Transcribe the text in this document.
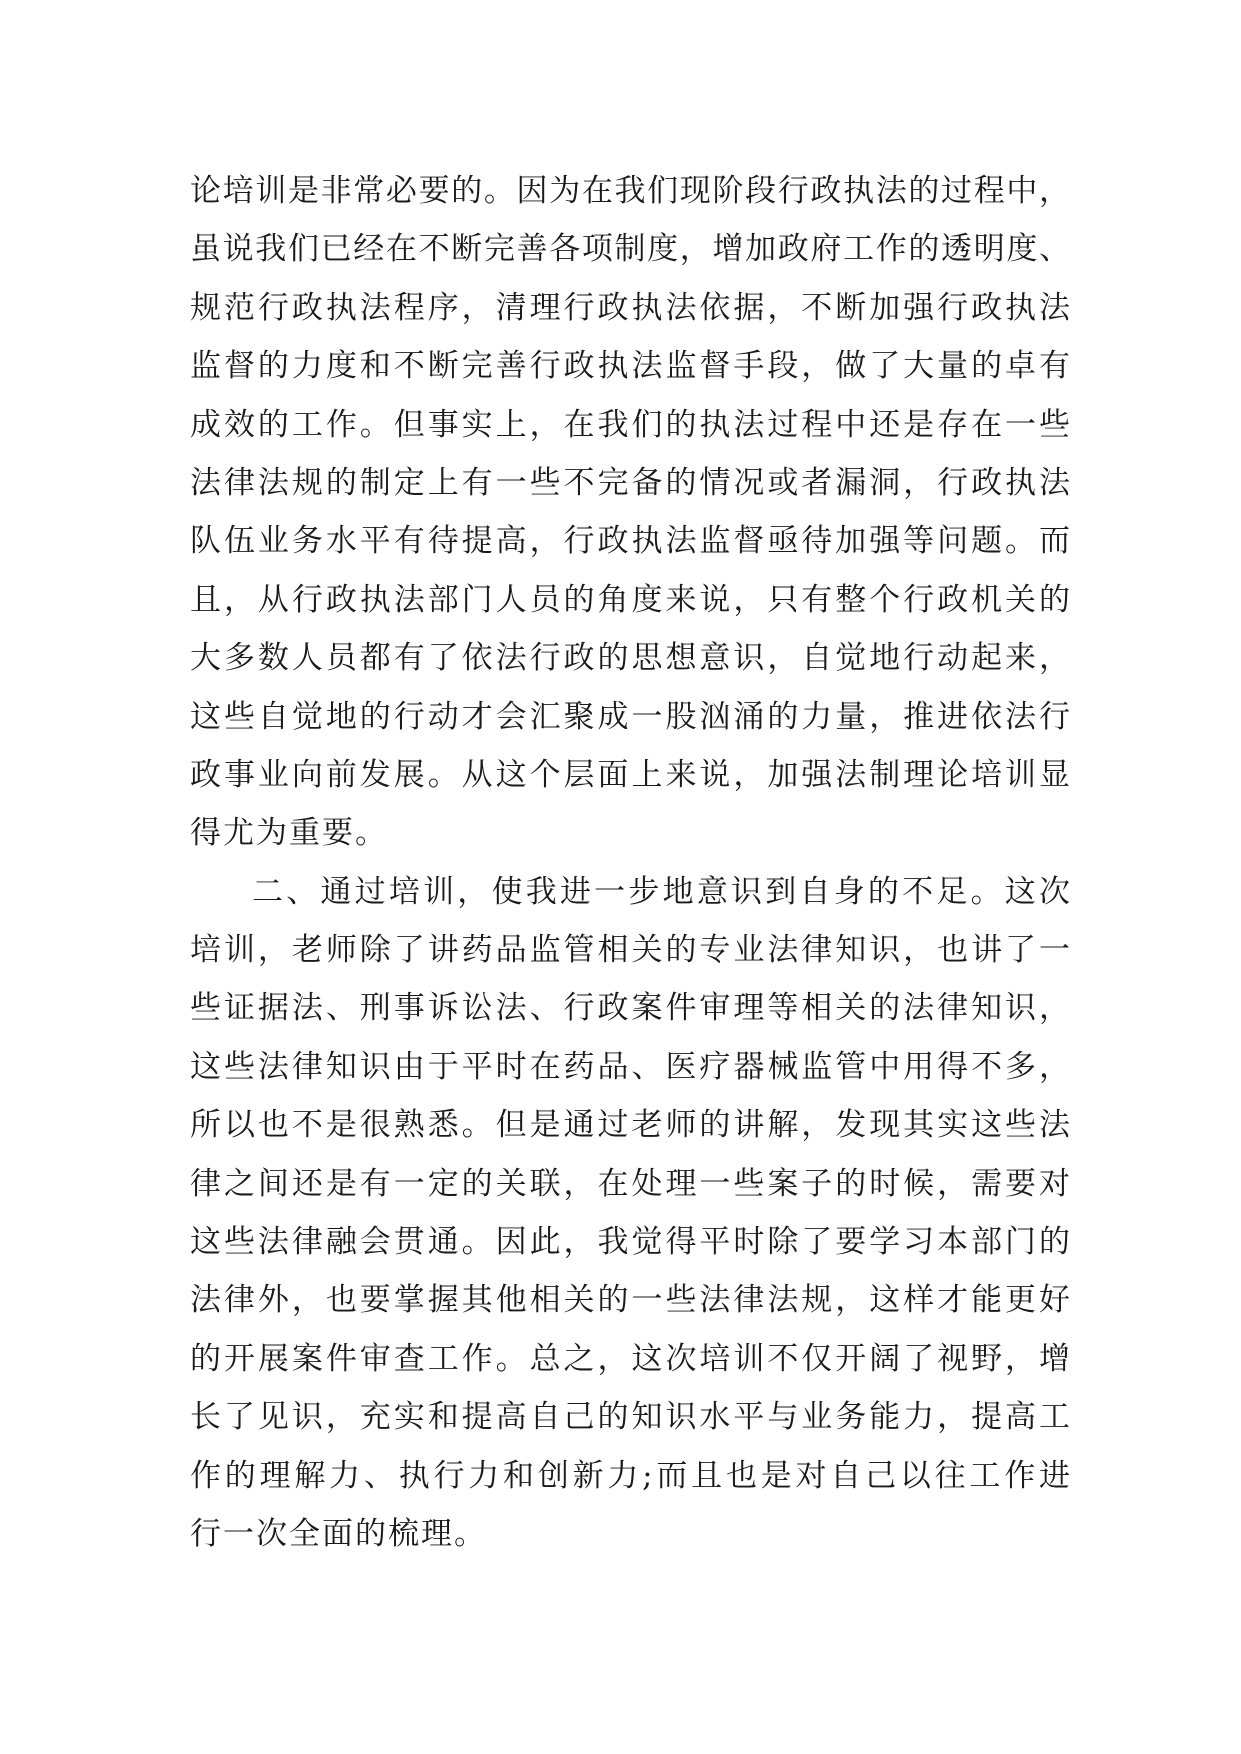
论培训是非常必要的。因为在我们现阶段行政执法的过程中，
虽说我们已经在不断完善各项制度，增加政府工作的透明度、
规范行政执法程序，清理行政执法依据，不断加强行政执法
监督的力度和不断完善行政执法监督手段，做了大量的卓有
成效的工作。但事实上，在我们的执法过程中还是存在一些
法律法规的制定上有一些不完备的情况或者漏洞，行政执法
队伍业务水平有待提高，行政执法监督亟待加强等问题。而
且，从行政执法部门人员的角度来说，只有整个行政机关的
大多数人员都有了依法行政的思想意识，自觉地行动起来，
这些自觉地的行动才会汇聚成一股汹涌的力量，推进依法行
政事业向前发展。从这个层面上来说，加强法制理论培训显
得尤为重要。
二、通过培训，使我进一步地意识到自身的不足。这次
培训，老师除了讲药品监管相关的专业法律知识，也讲了一
些证据法、刑事诉讼法、行政案件审理等相关的法律知识，
这些法律知识由于平时在药品、医疗器械监管中用得不多，
所以也不是很熟悉。但是通过老师的讲解，发现其实这些法
律之间还是有一定的关联，在处理一些案子的时候，需要对
这些法律融会贯通。因此，我觉得平时除了要学习本部门的
法律外，也要掌握其他相关的一些法律法规，这样才能更好
的开展案件审查工作。总之，这次培训不仅开阔了视野，增
长了见识，充实和提高自己的知识水平与业务能力，提高工
作的理解力、执行力和创新力;而且也是对自己以往工作进
行一次全面的梳理。
